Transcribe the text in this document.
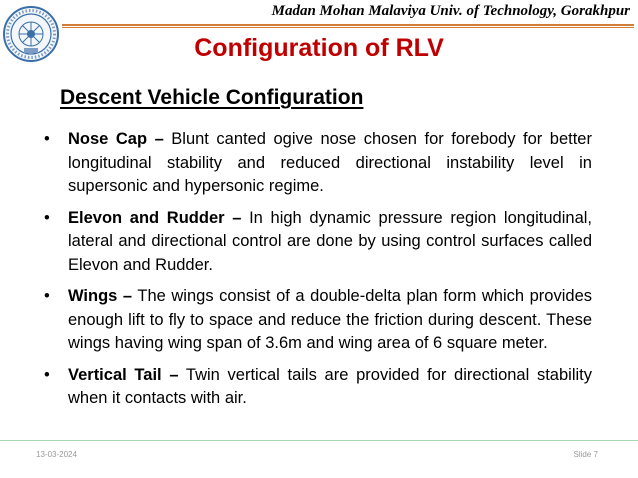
Madan Mohan Malaviya Univ. of Technology, Gorakhpur
Configuration of RLV
Descent Vehicle Configuration
• Nose Cap – Blunt canted ogive nose chosen for forebody for better longitudinal stability and reduced directional instability level in supersonic and hypersonic regime.
• Elevon and Rudder – In high dynamic pressure region longitudinal, lateral and directional control are done by using control surfaces called Elevon and Rudder.
• Wings – The wings consist of a double-delta plan form which provides enough lift to fly to space and reduce the friction during descent. These wings having wing span of 3.6m and wing area of 6 square meter.
• Vertical Tail – Twin vertical tails are provided for directional stability when it contacts with air.
13-03-2024	Slide 7
